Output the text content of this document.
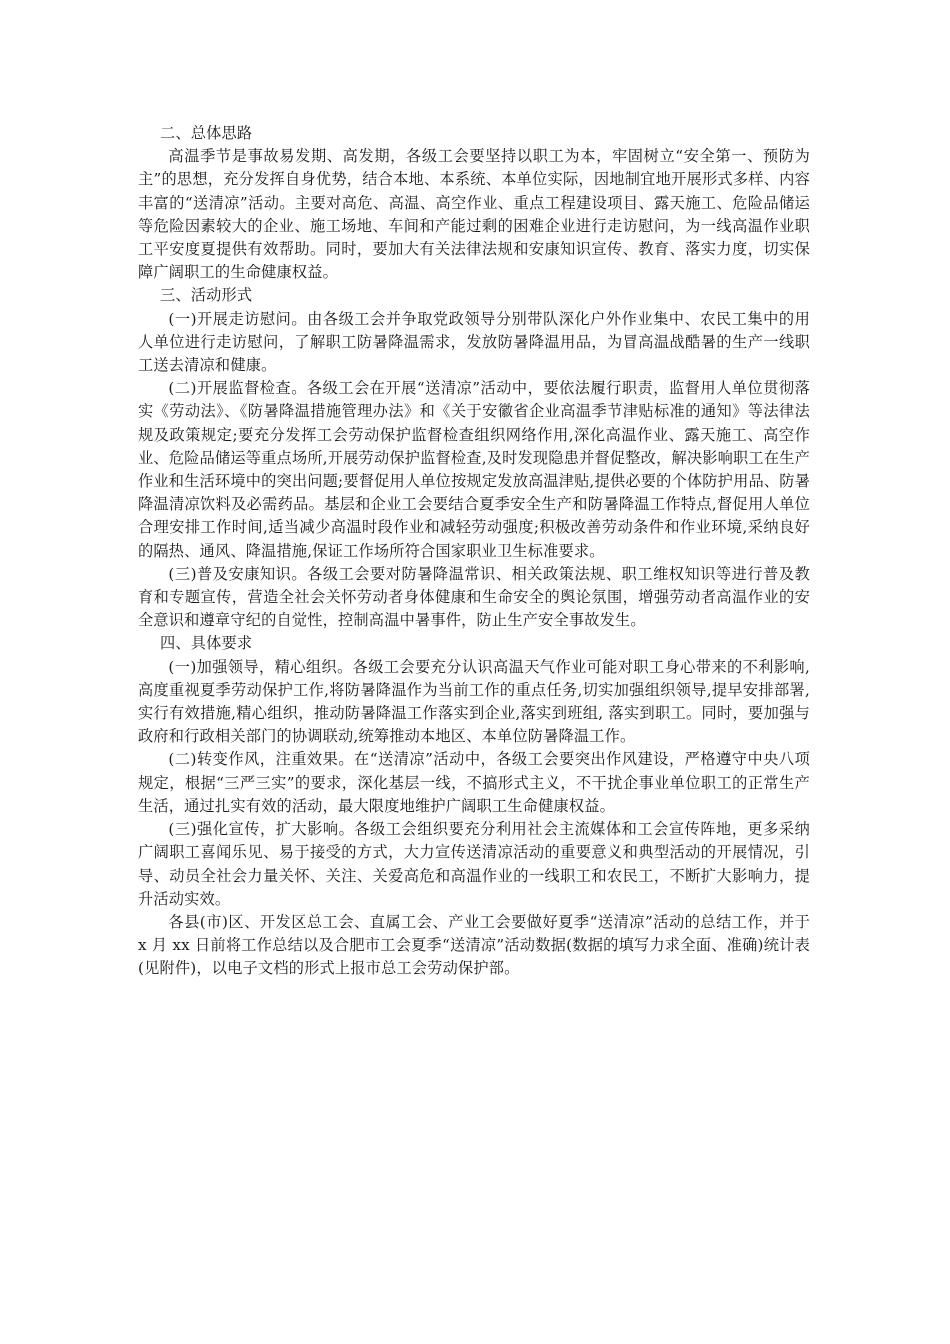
二、总体思路

高温季节是事故易发期、高发期，各级工会要坚持以职工为本，牢固树立“安全第一、预防为主”的思想，充分发挥自身优势，结合本地、本系统、本单位实际，因地制宜地开展形式多样、内容丰富的“送清凉”活动。主要对高危、高温、高空作业、重点工程建设项目、露天施工、危险品储运等危险因素较大的企业、施工场地、车间和产能过剩的困难企业进行走访慰问，为一线高温作业职工平安度夏提供有效帮助。同时，要加大有关法律法规和安康知识宣传、教育、落实力度，切实保障广阔职工的生命健康权益。

三、活动形式

(一)开展走访慰问。由各级工会并争取党政领导分别带队深化户外作业集中、农民工集中的用人单位进行走访慰问，了解职工防暑降温需求，发放防暑降温用品，为冒高温战酷暑的生产一线职工送去清凉和健康。

(二)开展监督检查。各级工会在开展“送清凉”活动中，要依法履行职责，监督用人单位贯彻落实《劳动法》、《防暑降温措施管理办法》和《关于安徽省企业高温季节津贴标准的通知》等法律法规及政策规定;要充分发挥工会劳动保护监督检查组织网络作用,深化高温作业、露天施工、高空作业、危险品储运等重点场所,开展劳动保护监督检查,及时发现隐患并督促整改，解决影响职工在生产作业和生活环境中的突出问题;要督促用人单位按规定发放高温津贴,提供必要的个体防护用品、防暑降温清凉饮料及必需药品。基层和企业工会要结合夏季安全生产和防暑降温工作特点,督促用人单位合理安排工作时间,适当减少高温时段作业和减轻劳动强度;积极改善劳动条件和作业环境,采纳良好的隔热、通风、降温措施,保证工作场所符合国家职业卫生标准要求。

(三)普及安康知识。各级工会要对防暑降温常识、相关政策法规、职工维权知识等进行普及教育和专题宣传，营造全社会关怀劳动者身体健康和生命安全的舆论氛围，增强劳动者高温作业的安全意识和遵章守纪的自觉性，控制高温中暑事件，防止生产安全事故发生。

四、具体要求

(一)加强领导，精心组织。各级工会要充分认识高温天气作业可能对职工身心带来的不利影响,高度重视夏季劳动保护工作,将防暑降温作为当前工作的重点任务,切实加强组织领导,提早安排部署, 实行有效措施,精心组织，推动防暑降温工作落实到企业,落实到班组, 落实到职工。同时，要加强与政府和行政相关部门的协调联动,统筹推动本地区、本单位防暑降温工作。

(二)转变作风，注重效果。在“送清凉”活动中，各级工会要突出作风建设，严格遵守中央八项规定，根据“三严三实”的要求，深化基层一线，不搞形式主义，不干扰企事业单位职工的正常生产生活，通过扎实有效的活动，最大限度地维护广阔职工生命健康权益。

(三)强化宣传，扩大影响。各级工会组织要充分利用社会主流媒体和工会宣传阵地，更多采纳广阔职工喜闻乐见、易于接受的方式，大力宣传送清凉活动的重要意义和典型活动的开展情况，引导、动员全社会力量关怀、关注、关爱高危和高温作业的一线职工和农民工，不断扩大影响力，提升活动实效。

各县(市)区、开发区总工会、直属工会、产业工会要做好夏季“送清凉”活动的总结工作，并于 x 月 xx 日前将工作总结以及合肥市工会夏季“送清凉”活动数据(数据的填写力求全面、准确)统计表(见附件)，以电子文档的形式上报市总工会劳动保护部。
